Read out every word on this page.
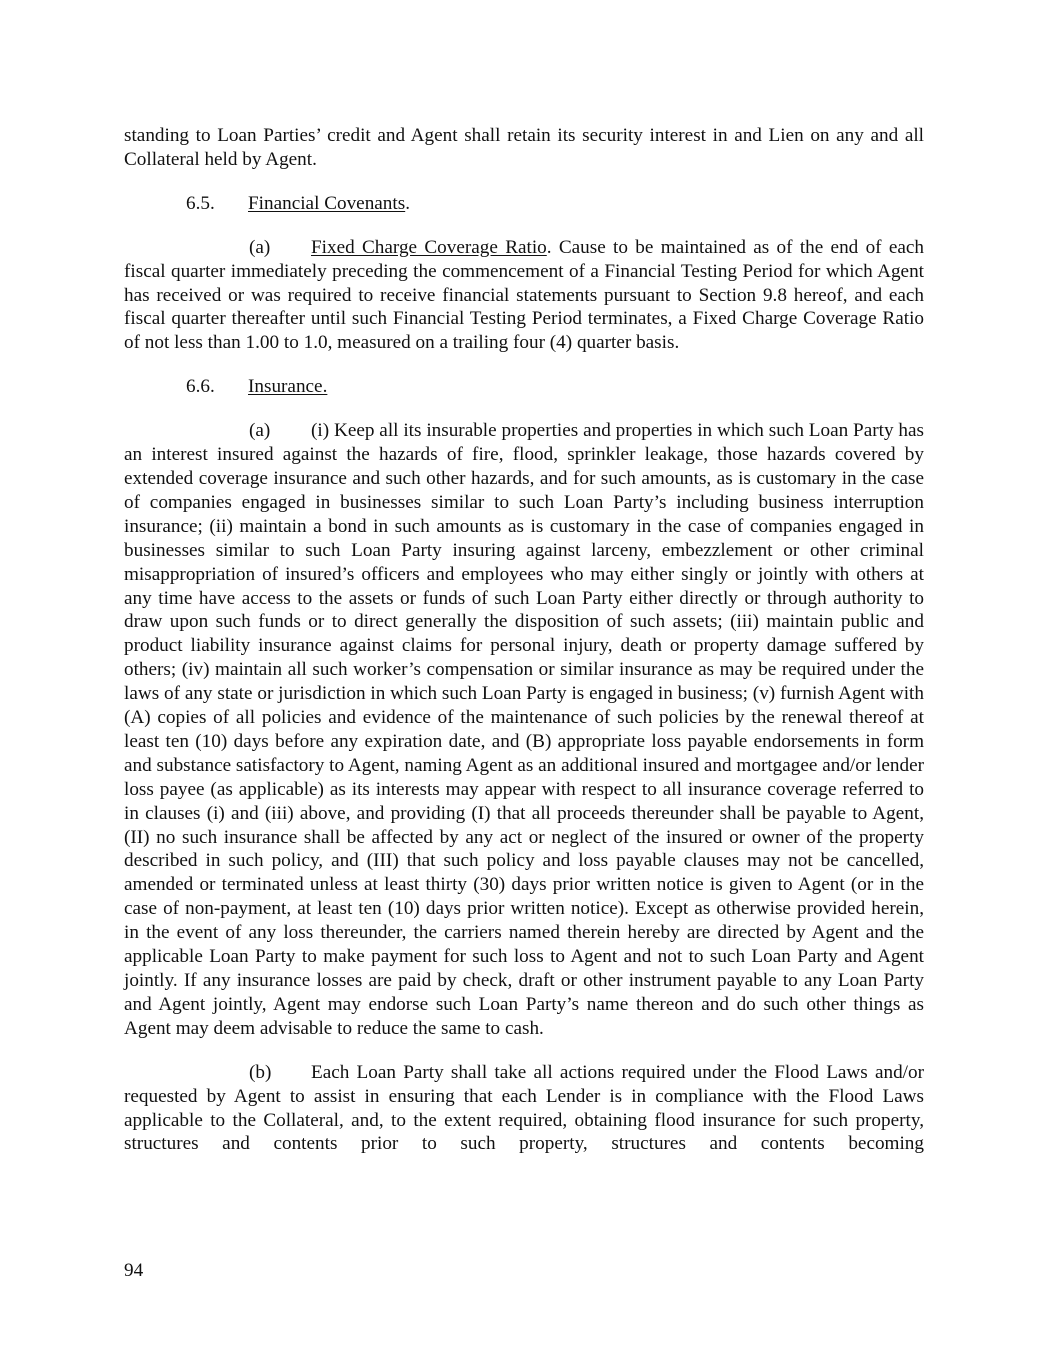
standing to Loan Parties’ credit and Agent shall retain its security interest in and Lien on any and all Collateral held by Agent.

6.5. Financial Covenants.

(a) Fixed Charge Coverage Ratio. Cause to be maintained as of the end of each fiscal quarter immediately preceding the commencement of a Financial Testing Period for which Agent has received or was required to receive financial statements pursuant to Section 9.8 hereof, and each fiscal quarter thereafter until such Financial Testing Period terminates, a Fixed Charge Coverage Ratio of not less than 1.00 to 1.0, measured on a trailing four (4) quarter basis.

6.6. Insurance.

(a) (i) Keep all its insurable properties and properties in which such Loan Party has an interest insured against the hazards of fire, flood, sprinkler leakage, those hazards covered by extended coverage insurance and such other hazards, and for such amounts, as is customary in the case of companies engaged in businesses similar to such Loan Party’s including business interruption insurance; (ii) maintain a bond in such amounts as is customary in the case of companies engaged in businesses similar to such Loan Party insuring against larceny, embezzlement or other criminal misappropriation of insured’s officers and employees who may either singly or jointly with others at any time have access to the assets or funds of such Loan Party either directly or through authority to draw upon such funds or to direct generally the disposition of such assets; (iii) maintain public and product liability insurance against claims for personal injury, death or property damage suffered by others; (iv) maintain all such worker’s compensation or similar insurance as may be required under the laws of any state or jurisdiction in which such Loan Party is engaged in business; (v) furnish Agent with (A) copies of all policies and evidence of the maintenance of such policies by the renewal thereof at least ten (10) days before any expiration date, and (B) appropriate loss payable endorsements in form and substance satisfactory to Agent, naming Agent as an additional insured and mortgagee and/or lender loss payee (as applicable) as its interests may appear with respect to all insurance coverage referred to in clauses (i) and (iii) above, and providing (I) that all proceeds thereunder shall be payable to Agent, (II) no such insurance shall be affected by any act or neglect of the insured or owner of the property described in such policy, and (III) that such policy and loss payable clauses may not be cancelled, amended or terminated unless at least thirty (30) days prior written notice is given to Agent (or in the case of non-payment, at least ten (10) days prior written notice). Except as otherwise provided herein, in the event of any loss thereunder, the carriers named therein hereby are directed by Agent and the applicable Loan Party to make payment for such loss to Agent and not to such Loan Party and Agent jointly. If any insurance losses are paid by check, draft or other instrument payable to any Loan Party and Agent jointly, Agent may endorse such Loan Party’s name thereon and do such other things as Agent may deem advisable to reduce the same to cash.

(b) Each Loan Party shall take all actions required under the Flood Laws and/or requested by Agent to assist in ensuring that each Lender is in compliance with the Flood Laws applicable to the Collateral, and, to the extent required, obtaining flood insurance for such property, structures and contents prior to such property, structures and contents becoming

94
